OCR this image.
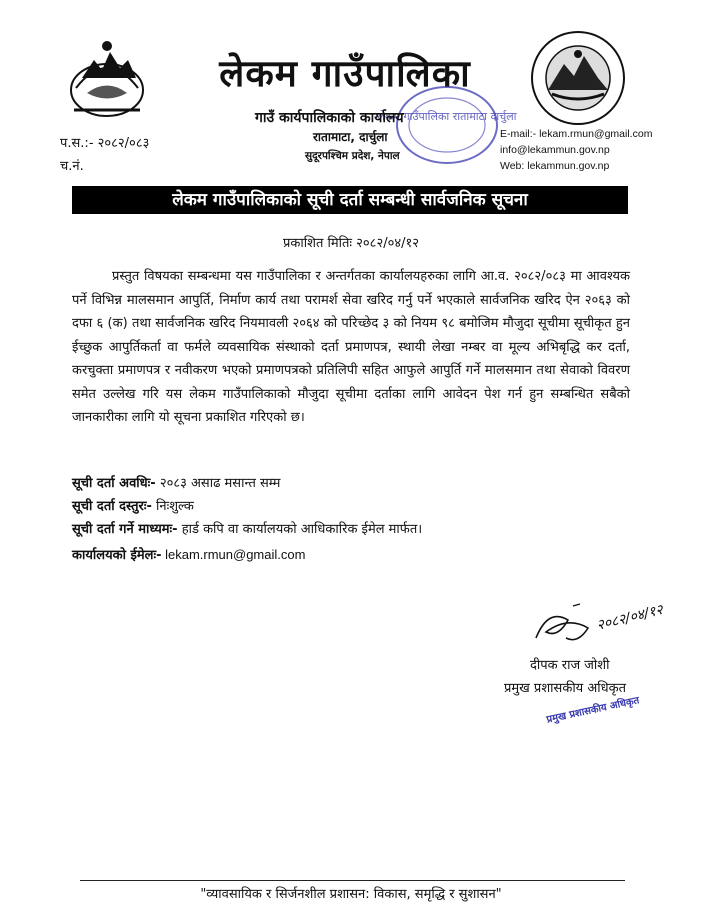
लेकम गाउँपालिका रातामाटा दार्चुला
लेकम गाउँपालिका
गाउँ कार्यपालिकाको कार्यालय
रातामाटा, दार्चुला
सुदूरपश्चिम प्रदेश, नेपाल
प.स.:- २०८२/०८३
च.नं.
E-mail:- lekam.rmun@gmail.com
info@lekammun.gov.np
Web: lekammun.gov.np
लेकम गाउँपालिकाको सूची दर्ता सम्बन्धी सार्वजनिक सूचना
प्रकाशित मितिः २०८२/०४/१२
प्रस्तुत विषयका सम्बन्धमा यस गाउँपालिका र अन्तर्गतका कार्यालयहरुका लागि आ.व. २०८२/०८३ मा आवश्यक पर्ने विभिन्न मालसमान आपुर्ति, निर्माण कार्य तथा परामर्श सेवा खरिद गर्नु पर्ने भएकाले सार्वजनिक खरिद ऐन २०६३ को दफा ६ (क) तथा सार्वजनिक खरिद नियमावली २०६४ को परिच्छेद ३ को नियम ९८ बमोजिम मौजुदा सूचीमा सूचीकृत हुन ईच्छुक आपुर्तिकर्ता वा फर्मले व्यवसायिक संस्थाको दर्ता प्रमाणपत्र, स्थायी लेखा नम्बर वा मूल्य अभिबृद्धि कर दर्ता, करचुक्ता प्रमाणपत्र र नवीकरण भएको प्रमाणपत्रको प्रतिलिपी सहित आफुले आपुर्ति गर्ने मालसमान तथा सेवाको विवरण समेत उल्लेख गरि यस लेकम गाउँपालिकाको मौजुदा सूचीमा दर्ताका लागि आवेदन पेश गर्न हुन सम्बन्धित सबैको जानकारीका लागि यो सूचना प्रकाशित गरिएको छ।
सूची दर्ता अवधिः- २०८३ असाढ मसान्त सम्म
सूची दर्ता दस्तुरः- निःशुल्क
सूची दर्ता गर्ने माध्यमः- हार्ड कपि वा कार्यालयको आधिकारिक ईमेल मार्फत।
कार्यालयको ईमेलः- lekam.rmun@gmail.com
२०८२/०४/१२
दीपक राज जोशी
प्रमुख प्रशासकीय अधिकृत
प्रमुख प्रशासकीय अधिकृत
"व्यावसायिक र सिर्जनशील प्रशासन: विकास, समृद्धि र सुशासन"
